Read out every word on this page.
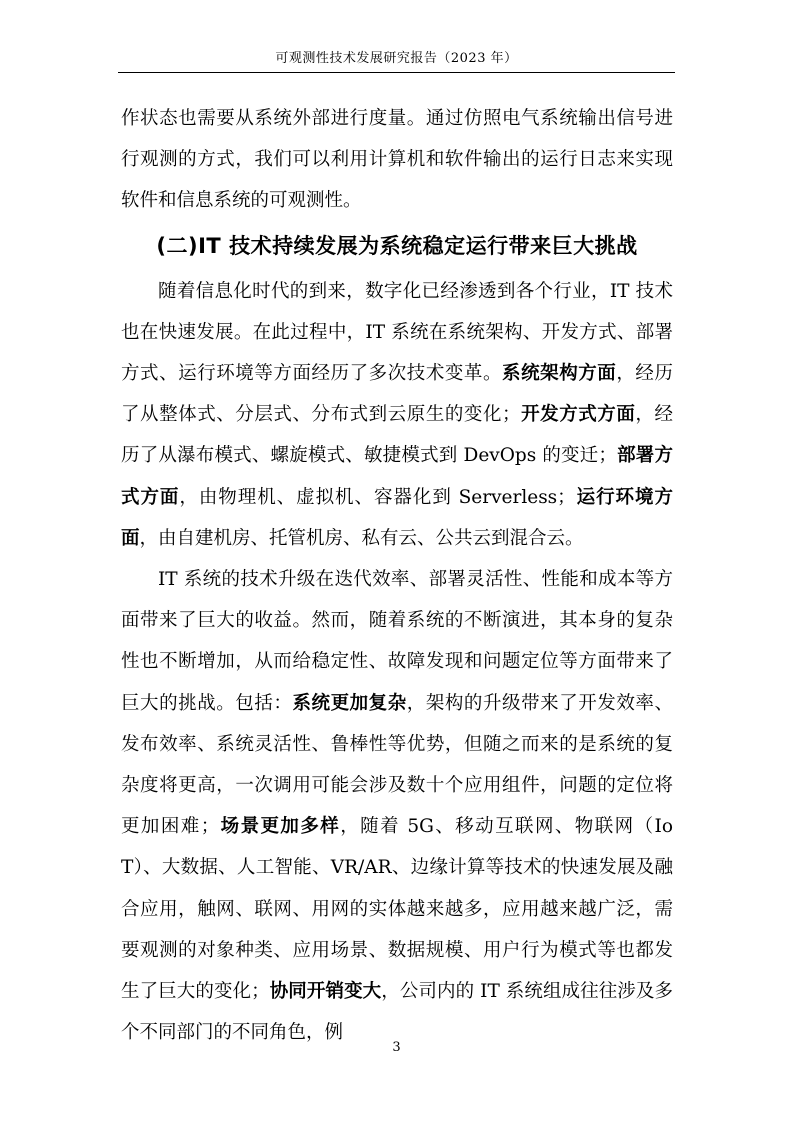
可观测性技术发展研究报告（2023 年）

作状态也需要从系统外部进行度量。通过仿照电气系统输出信号进行观测的方式，我们可以利用计算机和软件输出的运行日志来实现软件和信息系统的可观测性。

(二)IT 技术持续发展为系统稳定运行带来巨大挑战

随着信息化时代的到来，数字化已经渗透到各个行业，IT 技术也在快速发展。在此过程中，IT 系统在系统架构、开发方式、部署方式、运行环境等方面经历了多次技术变革。系统架构方面，经历了从整体式、分层式、分布式到云原生的变化；开发方式方面，经历了从瀑布模式、螺旋模式、敏捷模式到 DevOps 的变迁；部署方式方面，由物理机、虚拟机、容器化到 Serverless；运行环境方面，由自建机房、托管机房、私有云、公共云到混合云。

IT 系统的技术升级在迭代效率、部署灵活性、性能和成本等方面带来了巨大的收益。然而，随着系统的不断演进，其本身的复杂性也不断增加，从而给稳定性、故障发现和问题定位等方面带来了巨大的挑战。包括：系统更加复杂，架构的升级带来了开发效率、发布效率、系统灵活性、鲁棒性等优势，但随之而来的是系统的复杂度将更高，一次调用可能会涉及数十个应用组件，问题的定位将更加困难；场景更加多样，随着 5G、移动互联网、物联网（IoT）、大数据、人工智能、VR/AR、边缘计算等技术的快速发展及融合应用，触网、联网、用网的实体越来越多，应用越来越广泛，需要观测的对象种类、应用场景、数据规模、用户行为模式等也都发生了巨大的变化；协同开销变大，公司内的 IT 系统组成往往涉及多个不同部门的不同角色，例

3
